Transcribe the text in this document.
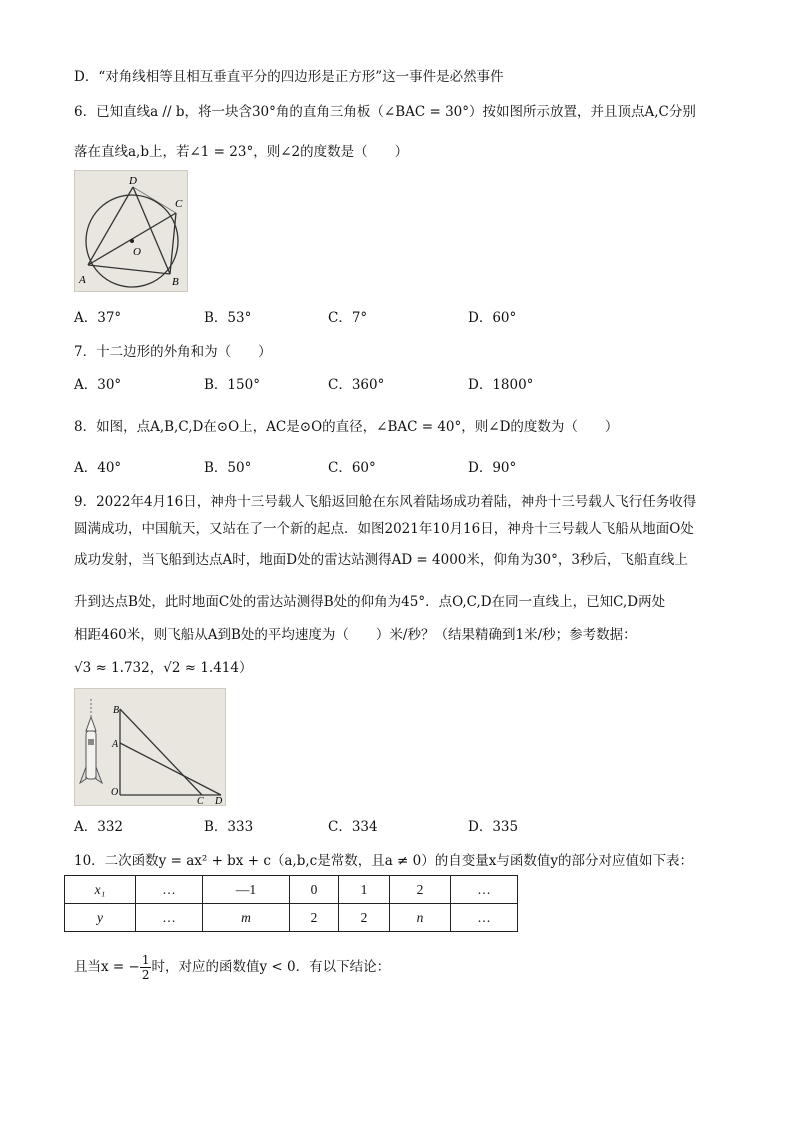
D．“对角线相等且相互垂直平分的四边形是正方形”这一事件是必然事件
6．已知直线a // b，将一块含30°角的直角三角板（∠BAC = 30°）按如图所示放置，并且顶点A,C分别
落在直线a,b上，若∠1 = 23°，则∠2的度数是（　　）
D
C
O
A	B
A．37°	B．53°	C．7°	D．60°
7．十二边形的外角和为（　　）
A．30°	B．150°	C．360°	D．1800°
8．如图，点A,B,C,D在⊙O上，AC是⊙O的直径，∠BAC = 40°，则∠D的度数为（　　）
A．40°	B．50°	C．60°	D．90°
9．2022年4月16日，神舟十三号载人飞船返回舱在东风着陆场成功着陆，神舟十三号载人飞行任务收得
圆满成功，中国航天，又站在了一个新的起点．如图2021年10月16日，神舟十三号载人飞船从地面O处
成功发射，当飞船到达点A时，地面D处的雷达站测得AD = 4000米，仰角为30°，3秒后，飞船直线上
升到达点B处，此时地面C处的雷达站测得B处的仰角为45°．点O,C,D在同一直线上，已知C,D两处
相距460米，则飞船从A到B处的平均速度为（　　）米/秒？（结果精确到1米/秒；参考数据：
√3 ≈ 1.732，√2 ≈ 1.414）
B
A
O
C D
A．332	B．333	C．334	D．335
10．二次函数y = ax² + bx + c（a,b,c是常数，且a ≠ 0）的自变量x与函数值y的部分对应值如下表：
x₁	…	—1	0	1	2	…
y	…	m	2	2	n	…
且当x = − $\frac{1}{2}$ 时，对应的函数值y < 0．有以下结论：
